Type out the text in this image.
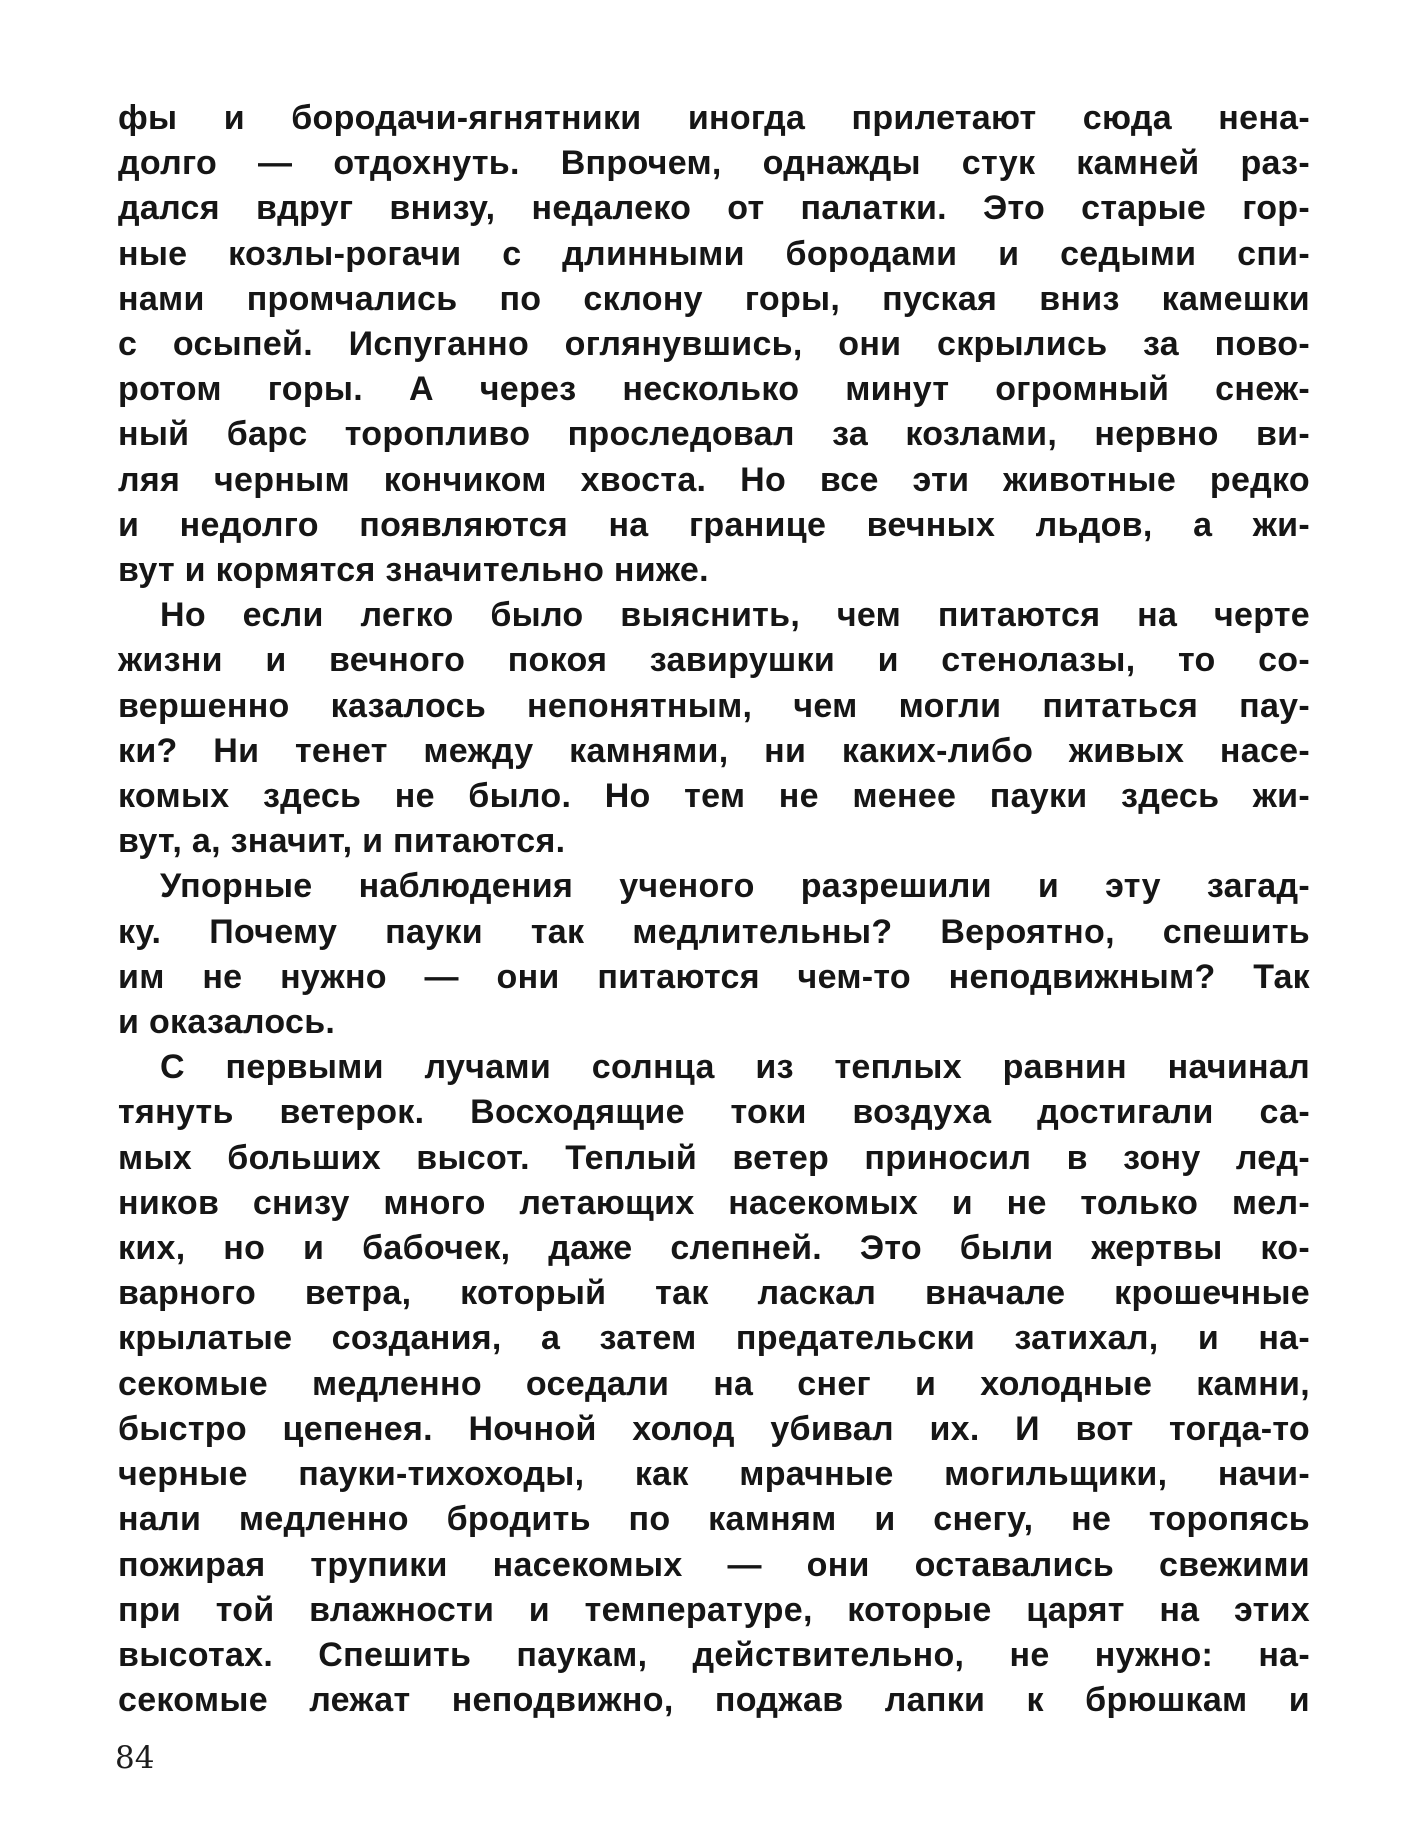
фы и бородачи-ягнятники иногда прилетают сюда нена-
долго — отдохнуть. Впрочем, однажды стук камней раз-
дался вдруг внизу, недалеко от палатки. Это старые гор-
ные козлы-рогачи с длинными бородами и седыми спи-
нами промчались по склону горы, пуская вниз камешки
с осыпей. Испуганно оглянувшись, они скрылись за пово-
ротом горы. А через несколько минут огромный снеж-
ный барс торопливо проследовал за козлами, нервно ви-
ляя черным кончиком хвоста. Но все эти животные редко
и недолго появляются на границе вечных льдов, а жи-
вут и кормятся значительно ниже.
Но если легко было выяснить, чем питаются на черте
жизни и вечного покоя завирушки и стенолазы, то со-
вершенно казалось непонятным, чем могли питаться пау-
ки? Ни тенет между камнями, ни каких-либо живых насе-
комых здесь не было. Но тем не менее пауки здесь жи-
вут, а, значит, и питаются.
Упорные наблюдения ученого разрешили и эту загад-
ку. Почему пауки так медлительны? Вероятно, спешить
им не нужно — они питаются чем-то неподвижным? Так
и оказалось.
С первыми лучами солнца из теплых равнин начинал
тянуть ветерок. Восходящие токи воздуха достигали са-
мых больших высот. Теплый ветер приносил в зону лед-
ников снизу много летающих насекомых и не только мел-
ких, но и бабочек, даже слепней. Это были жертвы ко-
варного ветра, который так ласкал вначале крошечные
крылатые создания, а затем предательски затихал, и на-
секомые медленно оседали на снег и холодные камни,
быстро цепенея. Ночной холод убивал их. И вот тогда-то
черные пауки-тихоходы, как мрачные могильщики, начи-
нали медленно бродить по камням и снегу, не торопясь
пожирая трупики насекомых — они оставались свежими
при той влажности и температуре, которые царят на этих
высотах. Спешить паукам, действительно, не нужно: на-
секомые лежат неподвижно, поджав лапки к брюшкам и
84
